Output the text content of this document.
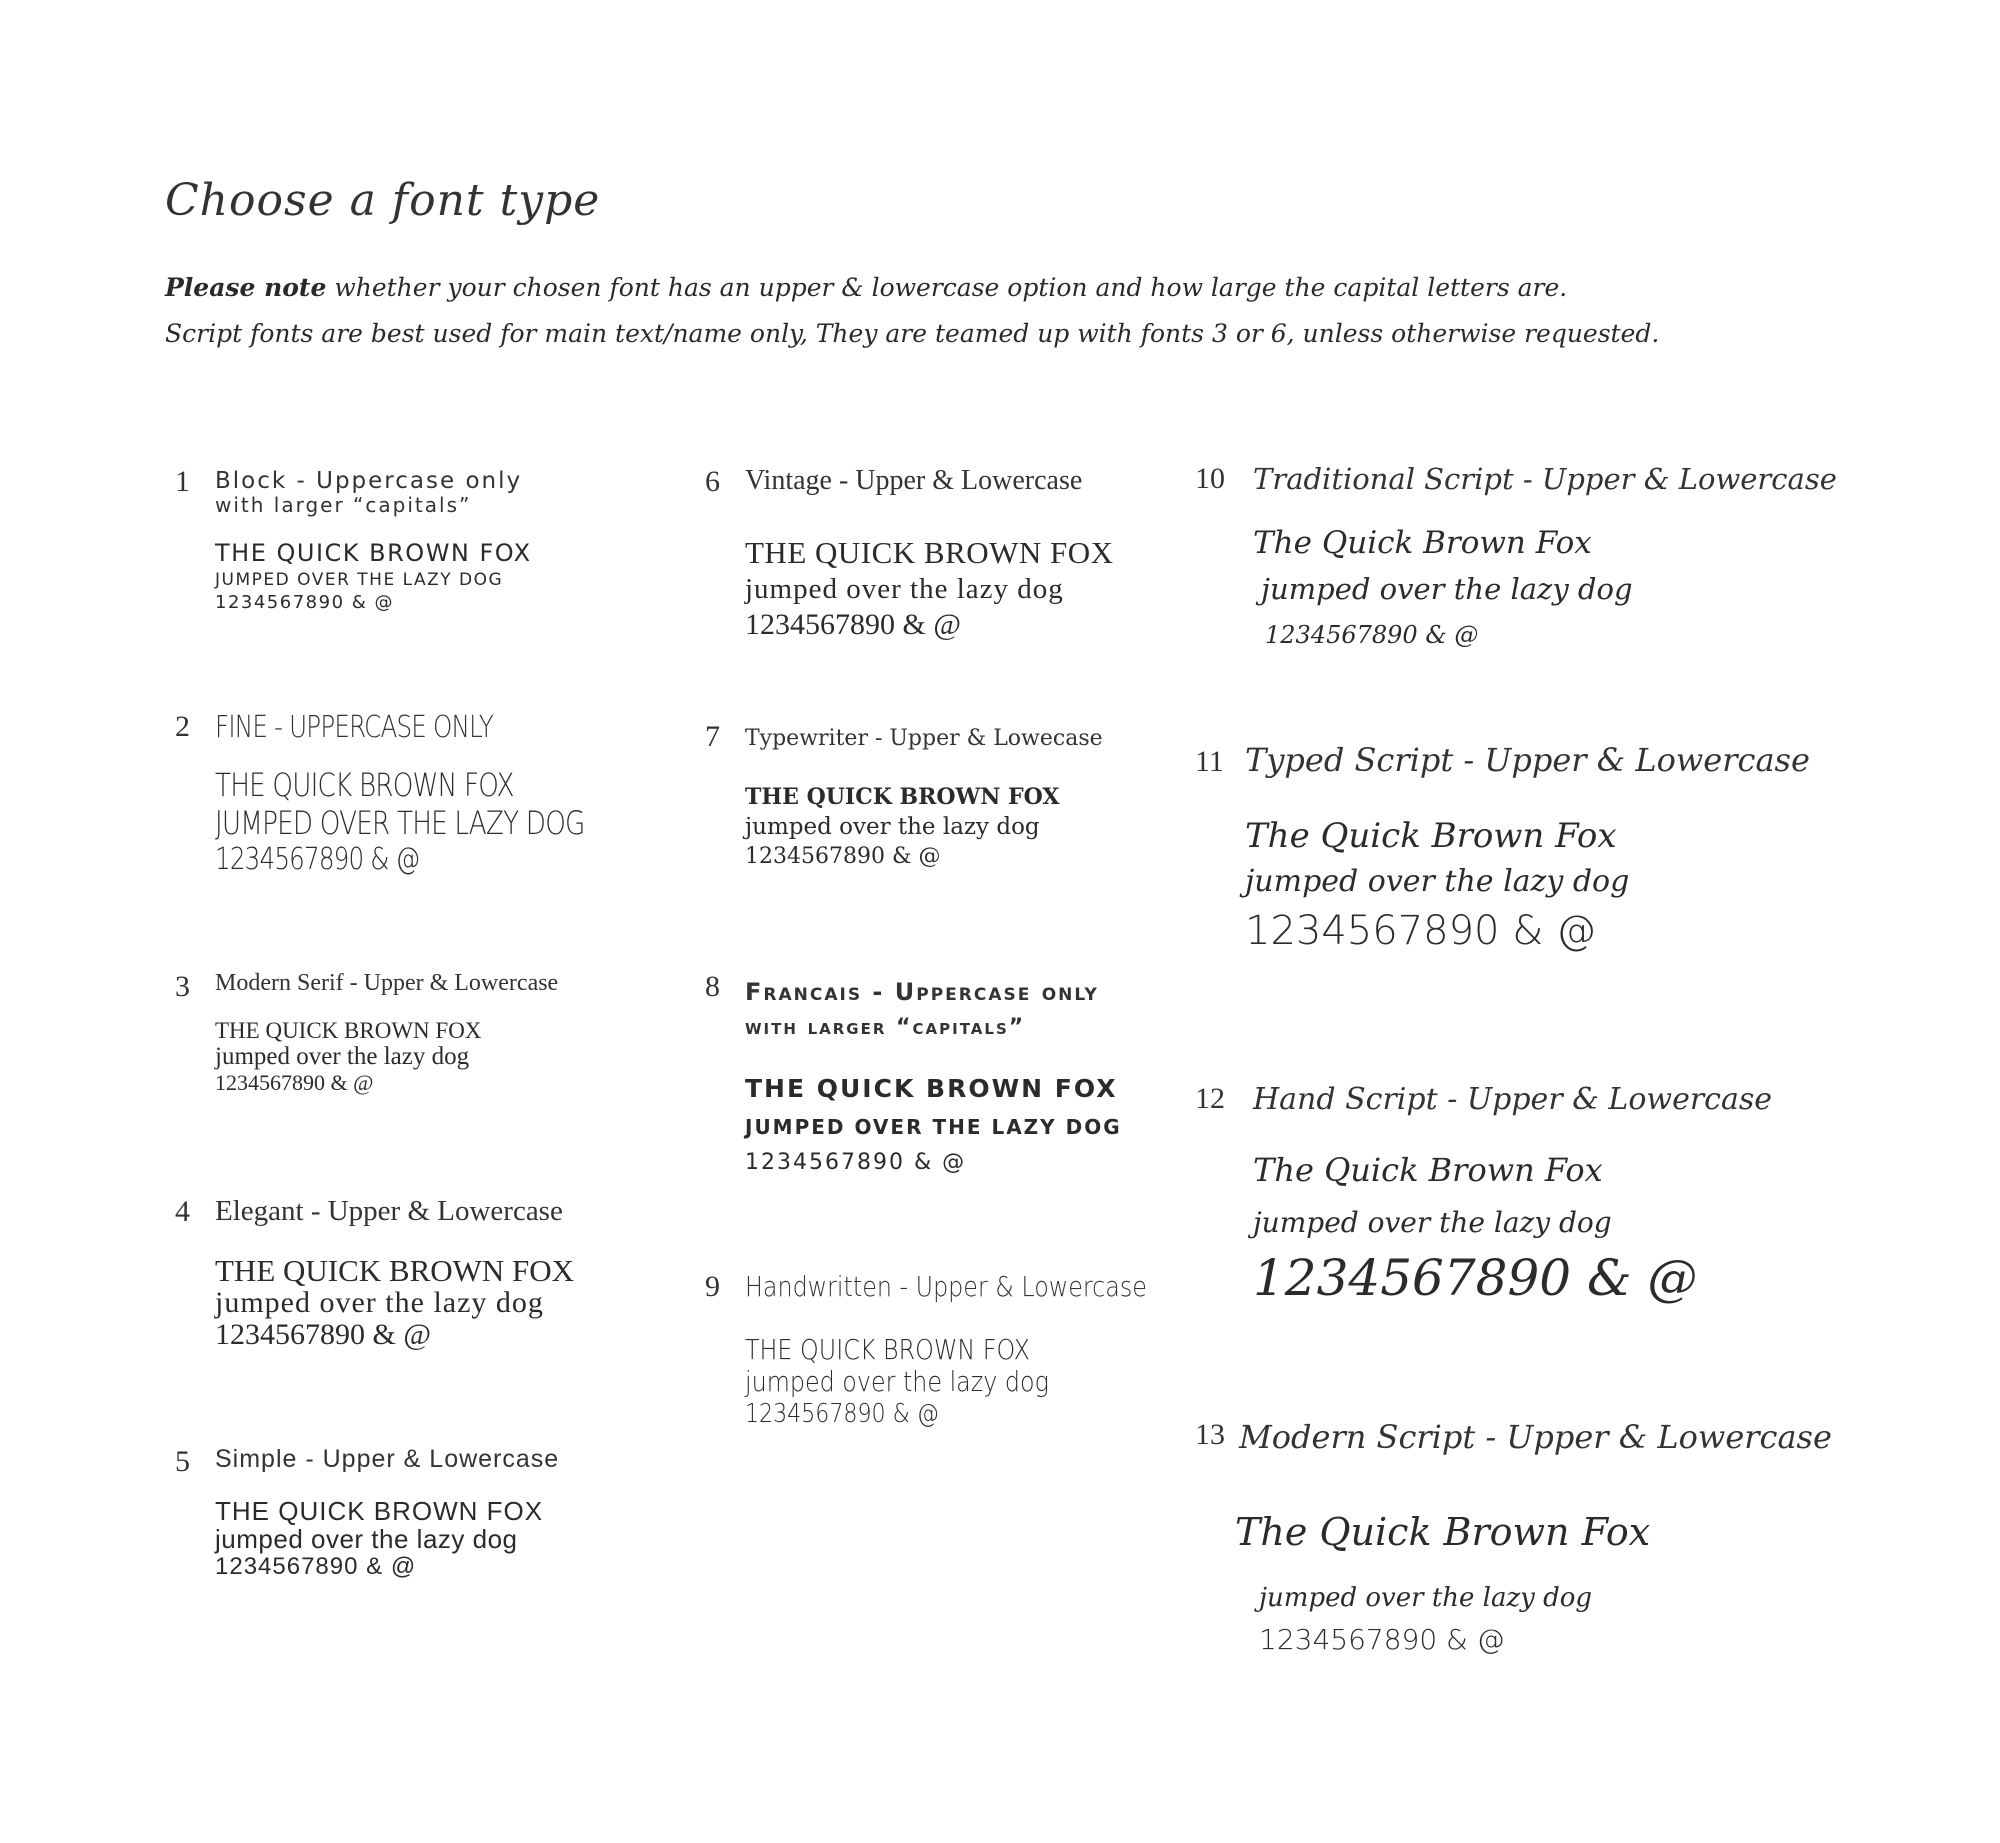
Choose a font type
Please note whether your chosen font has an upper & lowercase option and how large the capital letters are.
Script fonts are best used for main text/name only, They are teamed up with fonts 3 or 6, unless otherwise requested.
1 Block - Uppercase only
with larger “capitals”
THE QUICK BROWN FOX
JUMPED OVER THE LAZY DOG
1234567890 & @
2 FINE - UPPERCASE ONLY
THE QUICK BROWN FOX
JUMPED OVER THE LAZY DOG
1234567890 & @
3 Modern Serif - Upper & Lowercase
THE QUICK BROWN FOX
jumped over the lazy dog
1234567890 & @
4 Elegant - Upper & Lowercase
THE QUICK BROWN FOX
jumped over the lazy dog
1234567890 & @
5 Simple - Upper & Lowercase
THE QUICK BROWN FOX
jumped over the lazy dog
1234567890 & @
6 Vintage - Upper & Lowercase
THE QUICK BROWN FOX
jumped over the lazy dog
1234567890 & @
7 Typewriter - Upper & Lowecase
THE QUICK BROWN FOX
jumped over the lazy dog
1234567890 & @
8 Francais - Uppercase only
with larger “capitals”
THE QUICK BROWN FOX
JUMPED OVER THE LAZY DOG
1234567890 & @
9 Handwritten - Upper & Lowercase
THE QUICK BROWN FOX
jumped over the lazy dog
1234567890 & @
10 Traditional Script - Upper & Lowercase
The Quick Brown Fox
jumped over the lazy dog
1234567890 & @
11 Typed Script - Upper & Lowercase
The Quick Brown Fox
jumped over the lazy dog
1234567890 & @
12 Hand Script - Upper & Lowercase
The Quick Brown Fox
jumped over the lazy dog
1234567890 & @
13 Modern Script - Upper & Lowercase
The Quick Brown Fox
jumped over the lazy dog
1234567890 & @
